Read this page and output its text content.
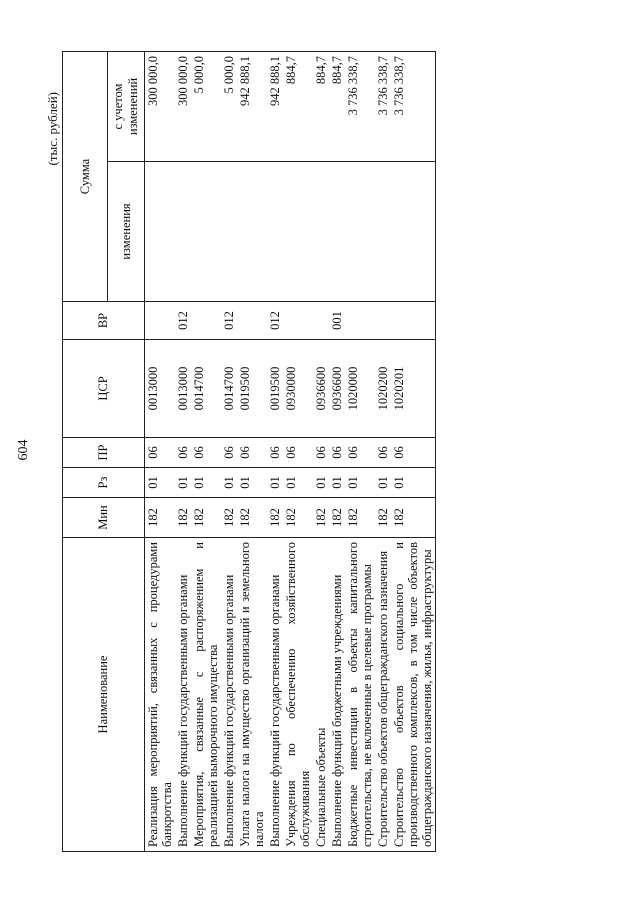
604
(тыс. рублей)
Наименование	Мин	Рз	ПР	ЦСР	ВР	Сумма	
						изменения	с учетом изменений
Реализация мероприятий, связанных с процедурами банкротства	182	01	06	0013000			300 000,0
Выполнение функций государственными органами	182	01	06	0013000	012		300 000,0
Мероприятия, связанные с распоряжением и реализацией выморочного имущества	182	01	06	0014700			5 000,0
Выполнение функций государственными органами	182	01	06	0014700	012		5 000,0
Уплата налога на имущество организаций и земельного налога	182	01	06	0019500			942 888,1
Выполнение функций государственными органами	182	01	06	0019500	012		942 888,1
Учреждения по обеспечению хозяйственного обслуживания	182	01	06	0930000			884,7
Специальные объекты	182	01	06	0936600			884,7
Выполнение функций бюджетными учреждениями	182	01	06	0936600	001		884,7
Бюджетные инвестиции в объекты капитального строительства, не включенные в целевые программы	182	01	06	1020000			3 736 338,7
Строительство объектов общегражданского назначения	182	01	06	1020200			3 736 338,7
Строительство объектов социального и производственного комплексов, в том числе объектов общегражданского назначения, жилья, инфраструктуры	182	01	06	1020201			3 736 338,7
